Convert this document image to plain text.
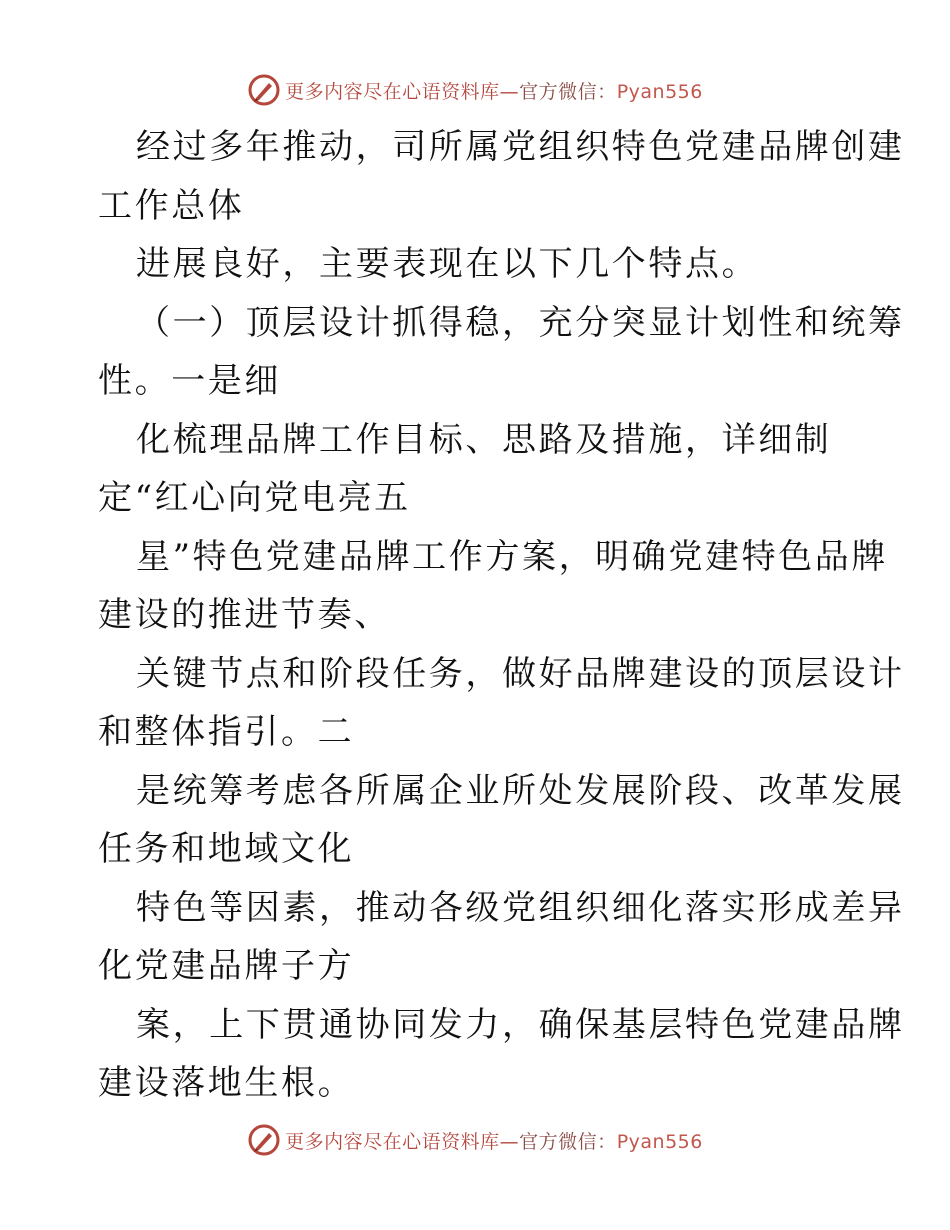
更多内容尽在心语资料库—官方微信：Pyan556
经过多年推动，司所属党组织特色党建品牌创建
工作总体
进展良好，主要表现在以下几个特点。
（一）顶层设计抓得稳，充分突显计划性和统筹
性。一是细
化梳理品牌工作目标、思路及措施，详细制
定“红心向党电亮五
星”特色党建品牌工作方案，明确党建特色品牌
建设的推进节奏、
关键节点和阶段任务，做好品牌建设的顶层设计
和整体指引。二
是统筹考虑各所属企业所处发展阶段、改革发展
任务和地域文化
特色等因素，推动各级党组织细化落实形成差异
化党建品牌子方
案，上下贯通协同发力，确保基层特色党建品牌
建设落地生根。
更多内容尽在心语资料库—官方微信：Pyan556
